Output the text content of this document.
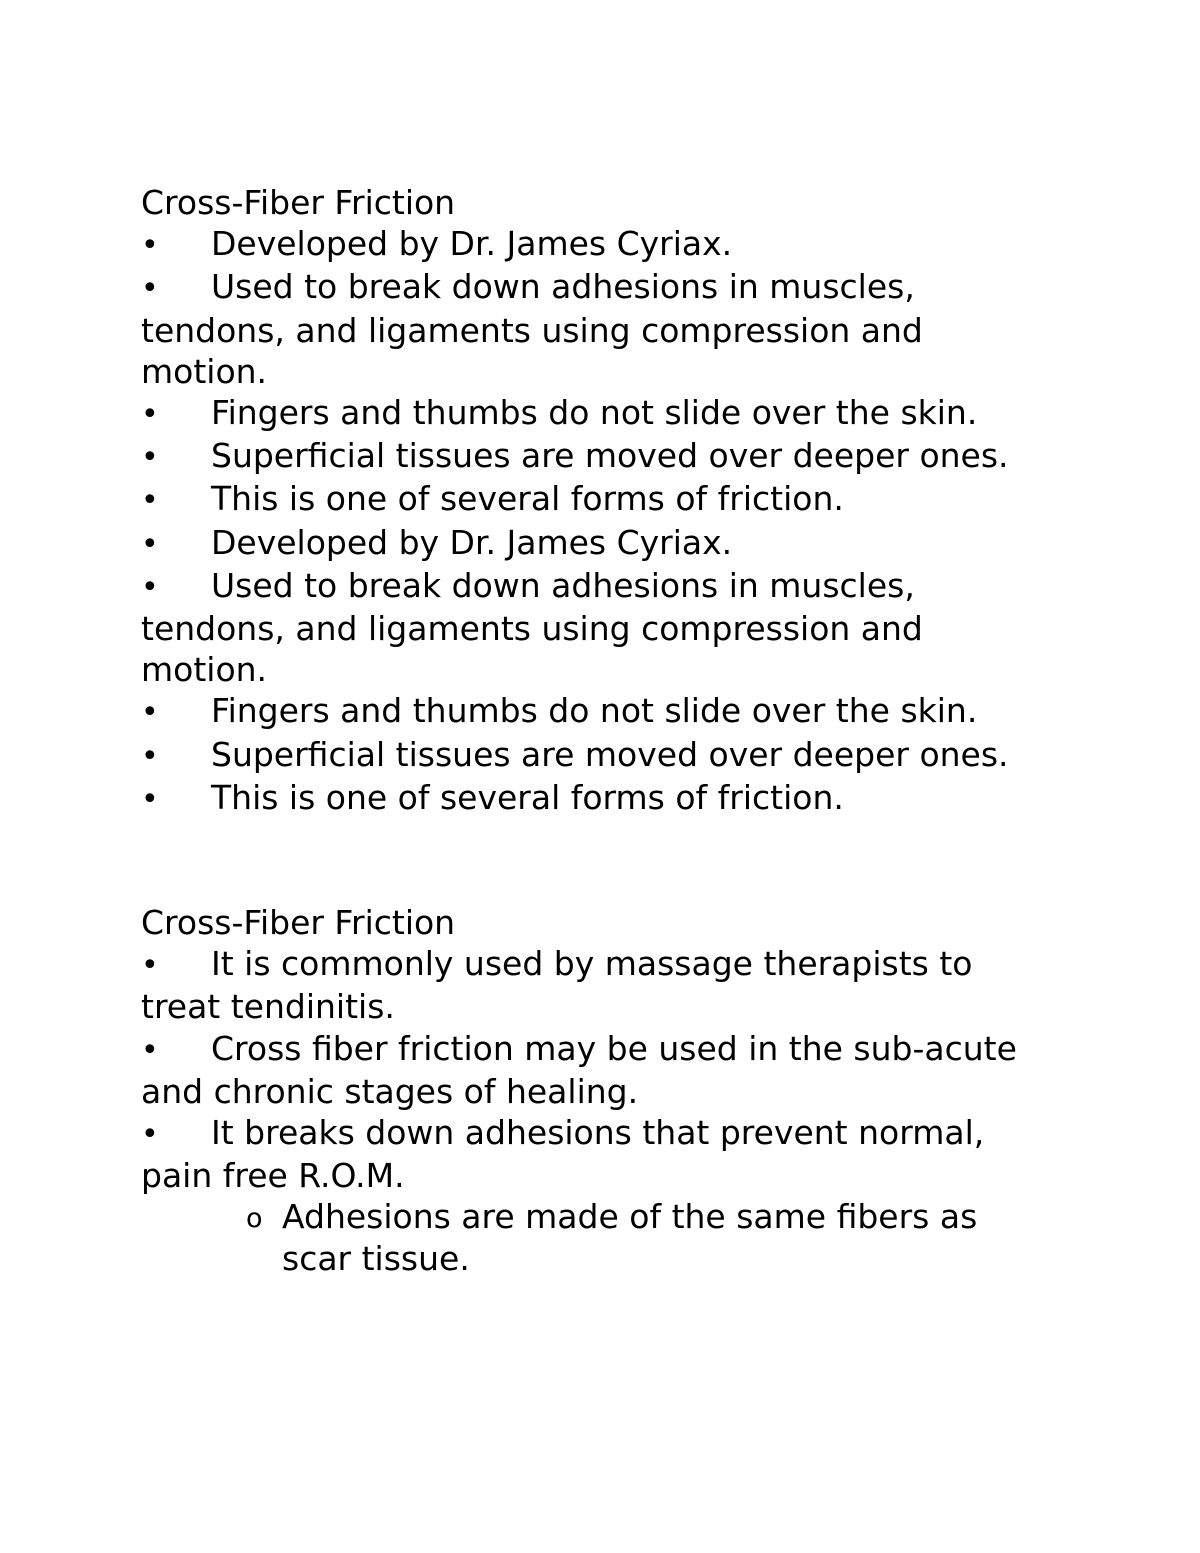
Cross-Fiber Friction

• Developed by Dr. James Cyriax.
• Used to break down adhesions in muscles, tendons, and ligaments using compression and motion.
• Fingers and thumbs do not slide over the skin.
• Superficial tissues are moved over deeper ones.
• This is one of several forms of friction.
• Developed by Dr. James Cyriax.
• Used to break down adhesions in muscles, tendons, and ligaments using compression and motion.
• Fingers and thumbs do not slide over the skin.
• Superficial tissues are moved over deeper ones.
• This is one of several forms of friction.

Cross-Fiber Friction

• It is commonly used by massage therapists to treat tendinitis.
• Cross fiber friction may be used in the sub-acute and chronic stages of healing.
• It breaks down adhesions that prevent normal, pain free R.O.M.
o Adhesions are made of the same fibers as scar tissue.
